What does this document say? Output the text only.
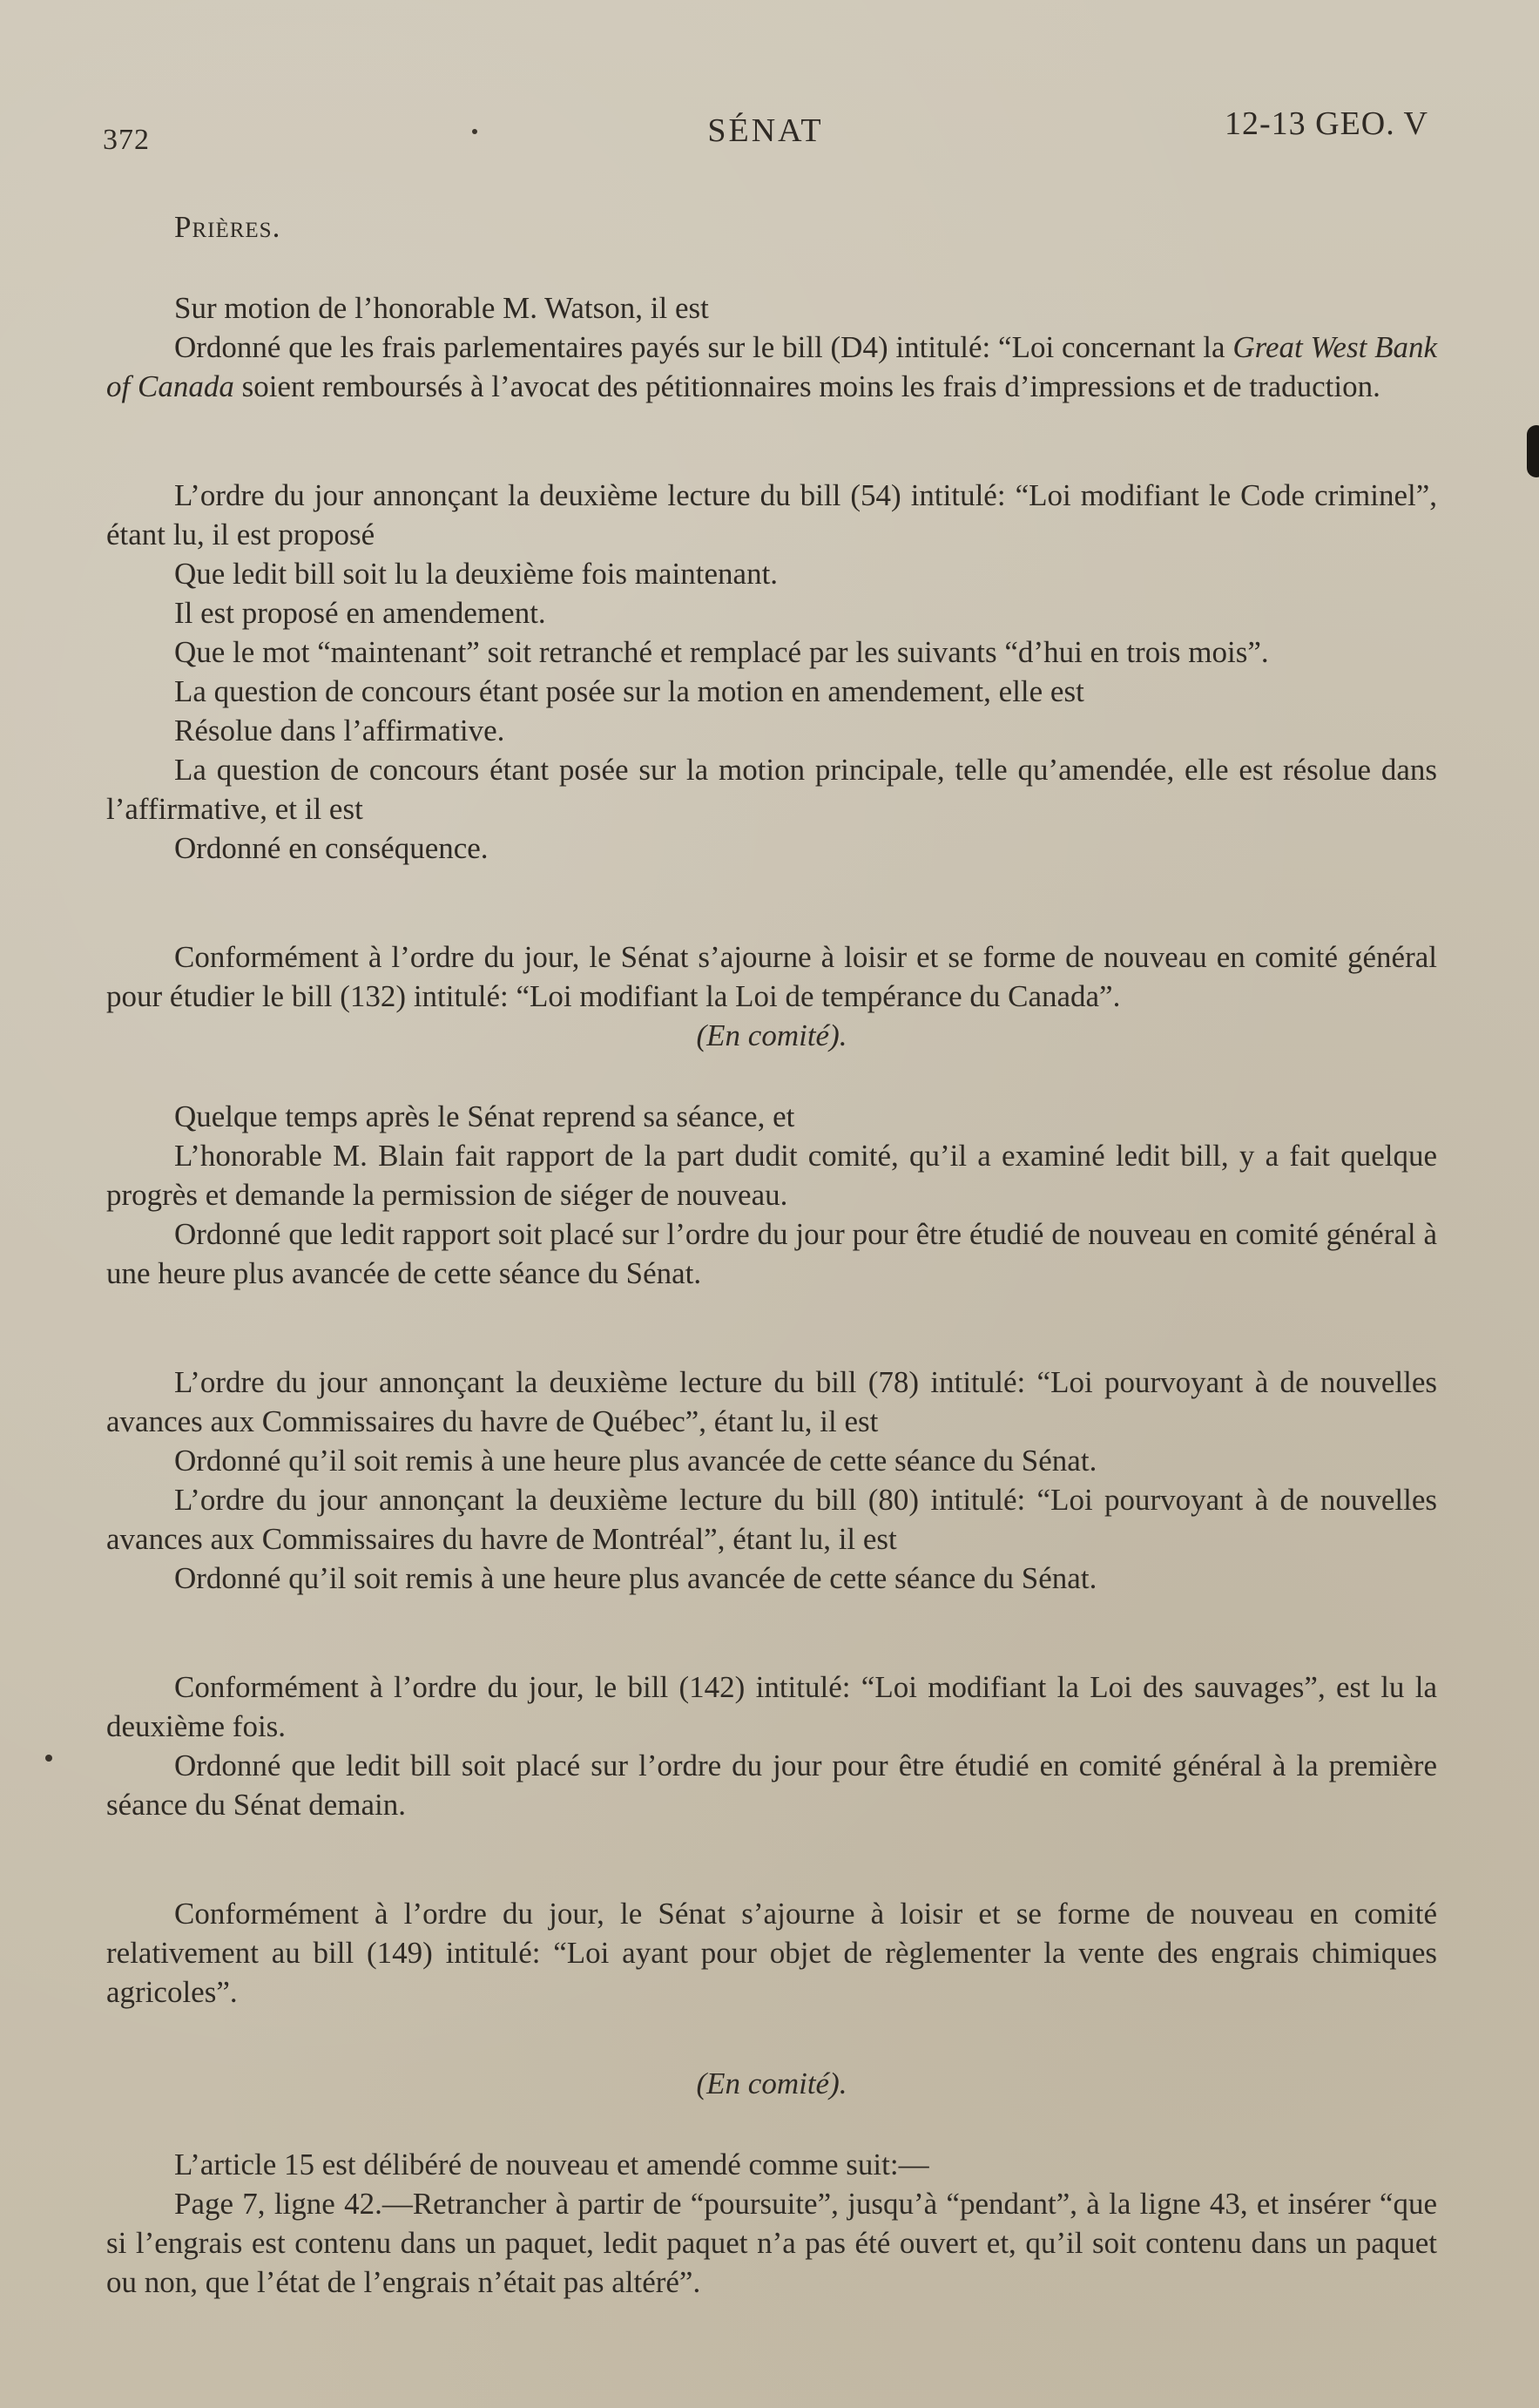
372	SÉNAT	12-13 GEO. V

Prières.

Sur motion de l’honorable M. Watson, il est

Ordonné que les frais parlementaires payés sur le bill (D4) intitulé: “Loi concernant la Great West Bank of Canada soient remboursés à l’avocat des pétitionnaires moins les frais d’impressions et de traduction.

L’ordre du jour annonçant la deuxième lecture du bill (54) intitulé: “Loi modifiant le Code criminel”, étant lu, il est proposé

Que ledit bill soit lu la deuxième fois maintenant.

Il est proposé en amendement.

Que le mot “maintenant” soit retranché et remplacé par les suivants “d’hui en trois mois”.

La question de concours étant posée sur la motion en amendement, elle est

Résolue dans l’affirmative.

La question de concours étant posée sur la motion principale, telle qu’amendée, elle est résolue dans l’affirmative, et il est

Ordonné en conséquence.

Conformément à l’ordre du jour, le Sénat s’ajourne à loisir et se forme de nouveau en comité général pour étudier le bill (132) intitulé: “Loi modifiant la Loi de tempérance du Canada”.

(En comité).

Quelque temps après le Sénat reprend sa séance, et

L’honorable M. Blain fait rapport de la part dudit comité, qu’il a examiné ledit bill, y a fait quelque progrès et demande la permission de siéger de nouveau.

Ordonné que ledit rapport soit placé sur l’ordre du jour pour être étudié de nouveau en comité général à une heure plus avancée de cette séance du Sénat.

L’ordre du jour annonçant la deuxième lecture du bill (78) intitulé: “Loi pourvoyant à de nouvelles avances aux Commissaires du havre de Québec”, étant lu, il est

Ordonné qu’il soit remis à une heure plus avancée de cette séance du Sénat.

L’ordre du jour annonçant la deuxième lecture du bill (80) intitulé: “Loi pourvoyant à de nouvelles avances aux Commissaires du havre de Montréal”, étant lu, il est

Ordonné qu’il soit remis à une heure plus avancée de cette séance du Sénat.

Conformément à l’ordre du jour, le bill (142) intitulé: “Loi modifiant la Loi des sauvages”, est lu la deuxième fois.

Ordonné que ledit bill soit placé sur l’ordre du jour pour être étudié en comité général à la première séance du Sénat demain.

Conformément à l’ordre du jour, le Sénat s’ajourne à loisir et se forme de nouveau en comité relativement au bill (149) intitulé: “Loi ayant pour objet de règlementer la vente des engrais chimiques agricoles”.

(En comité).

L’article 15 est délibéré de nouveau et amendé comme suit:—

Page 7, ligne 42.—Retrancher à partir de “poursuite”, jusqu’à “pendant”, à la ligne 43, et insérer “que si l’engrais est contenu dans un paquet, ledit paquet n’a pas été ouvert et, qu’il soit contenu dans un paquet ou non, que l’état de l’engrais n’était pas altéré”.
